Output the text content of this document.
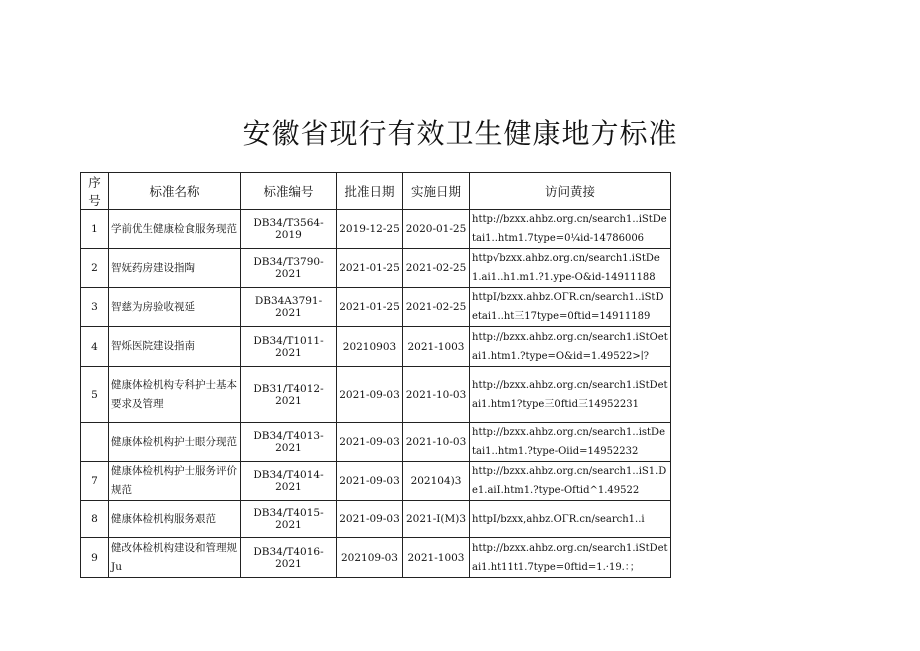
安徽省现行有效卫生健康地方标准
序号	标准名称	标准编号	批准日期	实施日期	访问黄接
1	学前优生健康检食服务现范	DB34/T3564-2019	2019-12-25	2020-01-25	http://bzxx.ahbz.org.cn/search1..iStDetai1..htm1.7type=0¼id-14786006
2	智妩药房建设指陶	DB34/T3790-2021	2021-01-25	2021-02-25	http√bzxx.ahbz.org.cn/search1.iStDe1.ai1..h1.m1.?1.ype-O&id-14911188
3	智慈为房验收视延	DB34A3791-2021	2021-01-25	2021-02-25	httpI∕bzxx.ahbz.OΓR.cn/search1..iStDetai1..ht三17type=0ftid=14911189
4	智烁医院建设指南	DB34/T1011-2021	20210903	2021-1003	http://bzxx.ahbz.org.cn/search1.iStOetai1.htm1.?type=O&id=1.49522>∣?
5	健康体检机构专科护士基本要求及管理	DB31/T4012-2021	2021-09-03	2021-10-03	http://bzxx.ahbz.org.cn/search1.iStDetai1.htm1?type三0ftid三14952231
	健康体检机构护士眼分现范	DB34/T4013-2021	2021-09-03	2021-10-03	http://bzxx.ahbz.org.cn/search1..istDetai1..htm1.?type-Oiid=14952232
7	健康体检机构护士服务评价规范	DB34/T4014-2021	2021-09-03	202104)3	http://bzxx.ahbz.org.cn/search1..iS1.De1.aiI.htm1.?type-Oftid^1.49522
8	健康体检机构服务艰范	DB34/T4015-2021	2021-09-03	2021-I(M)3	httpI∕bzxx,ahbz.OΓR.cn/search1..i
9	健改体检机构建设和管理规Ju	DB34/T4016-2021	202109-03	2021-1003	http://bzxx.ahbz.org.cn/search1.iStDetai1.ht11t1.7type=0ftid=1.·19.：；
